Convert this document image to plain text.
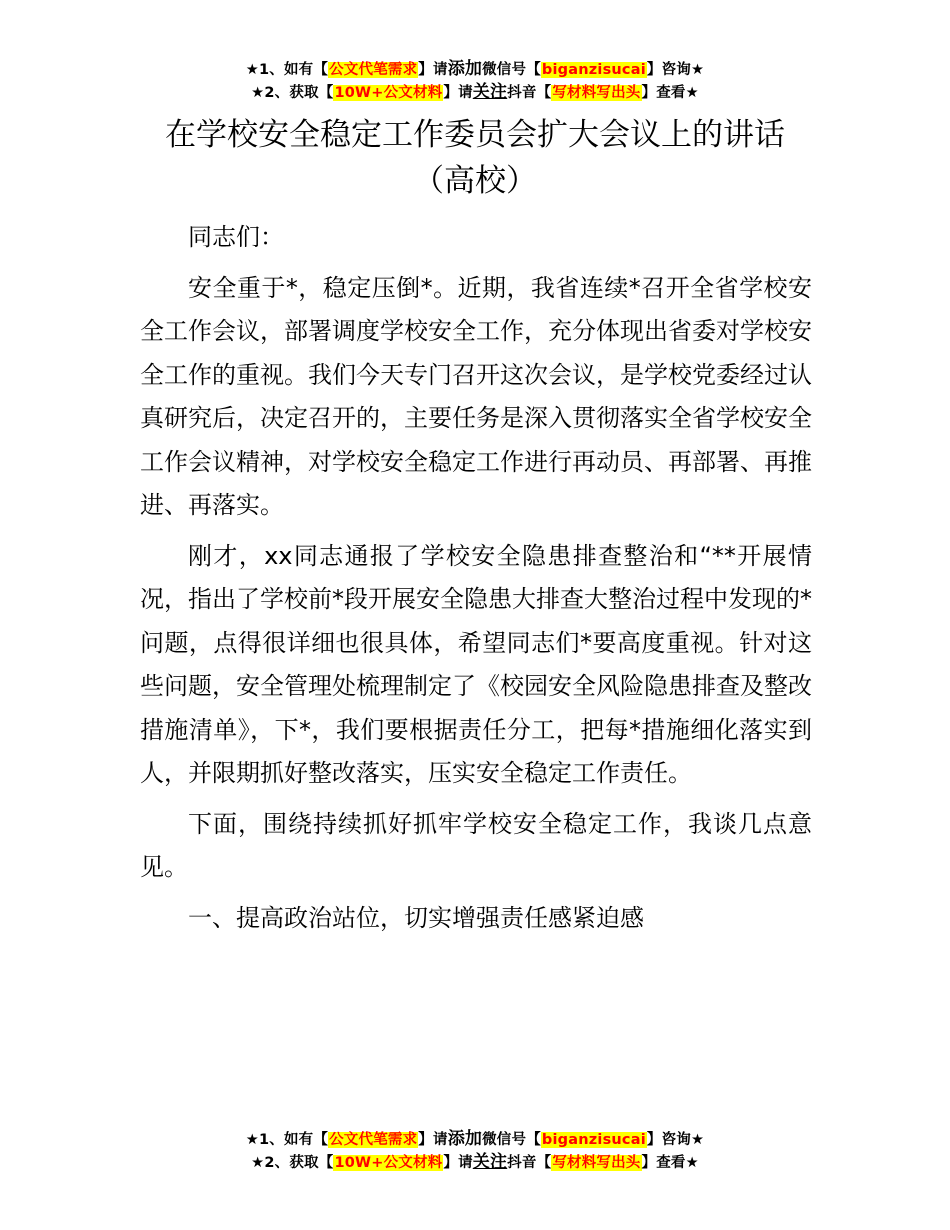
★1、如有【公文代笔需求】请添加微信号【biganzisucai】咨询★
★2、获取【10W+公文材料】请关注抖音【写材料写出头】查看★
在学校安全稳定工作委员会扩大会议上的讲话
（高校）

同志们：

安全重于*，稳定压倒*。近期，我省连续*召开全省学校安全工作会议，部署调度学校安全工作，充分体现出省委对学校安全工作的重视。我们今天专门召开这次会议，是学校党委经过认真研究后，决定召开的，主要任务是深入贯彻落实全省学校安全工作会议精神，对学校安全稳定工作进行再动员、再部署、再推进、再落实。

刚才，xx同志通报了学校安全隐患排查整治和“**开展情况，指出了学校前*段开展安全隐患大排查大整治过程中发现的*问题，点得很详细也很具体，希望同志们*要高度重视。针对这些问题，安全管理处梳理制定了《校园安全风险隐患排查及整改措施清单》，下*，我们要根据责任分工，把每*措施细化落实到人，并限期抓好整改落实，压实安全稳定工作责任。

下面，围绕持续抓好抓牢学校安全稳定工作，我谈几点意见。

一、提高政治站位，切实增强责任感紧迫感

★1、如有【公文代笔需求】请添加微信号【biganzisucai】咨询★
★2、获取【10W+公文材料】请关注抖音【写材料写出头】查看★
